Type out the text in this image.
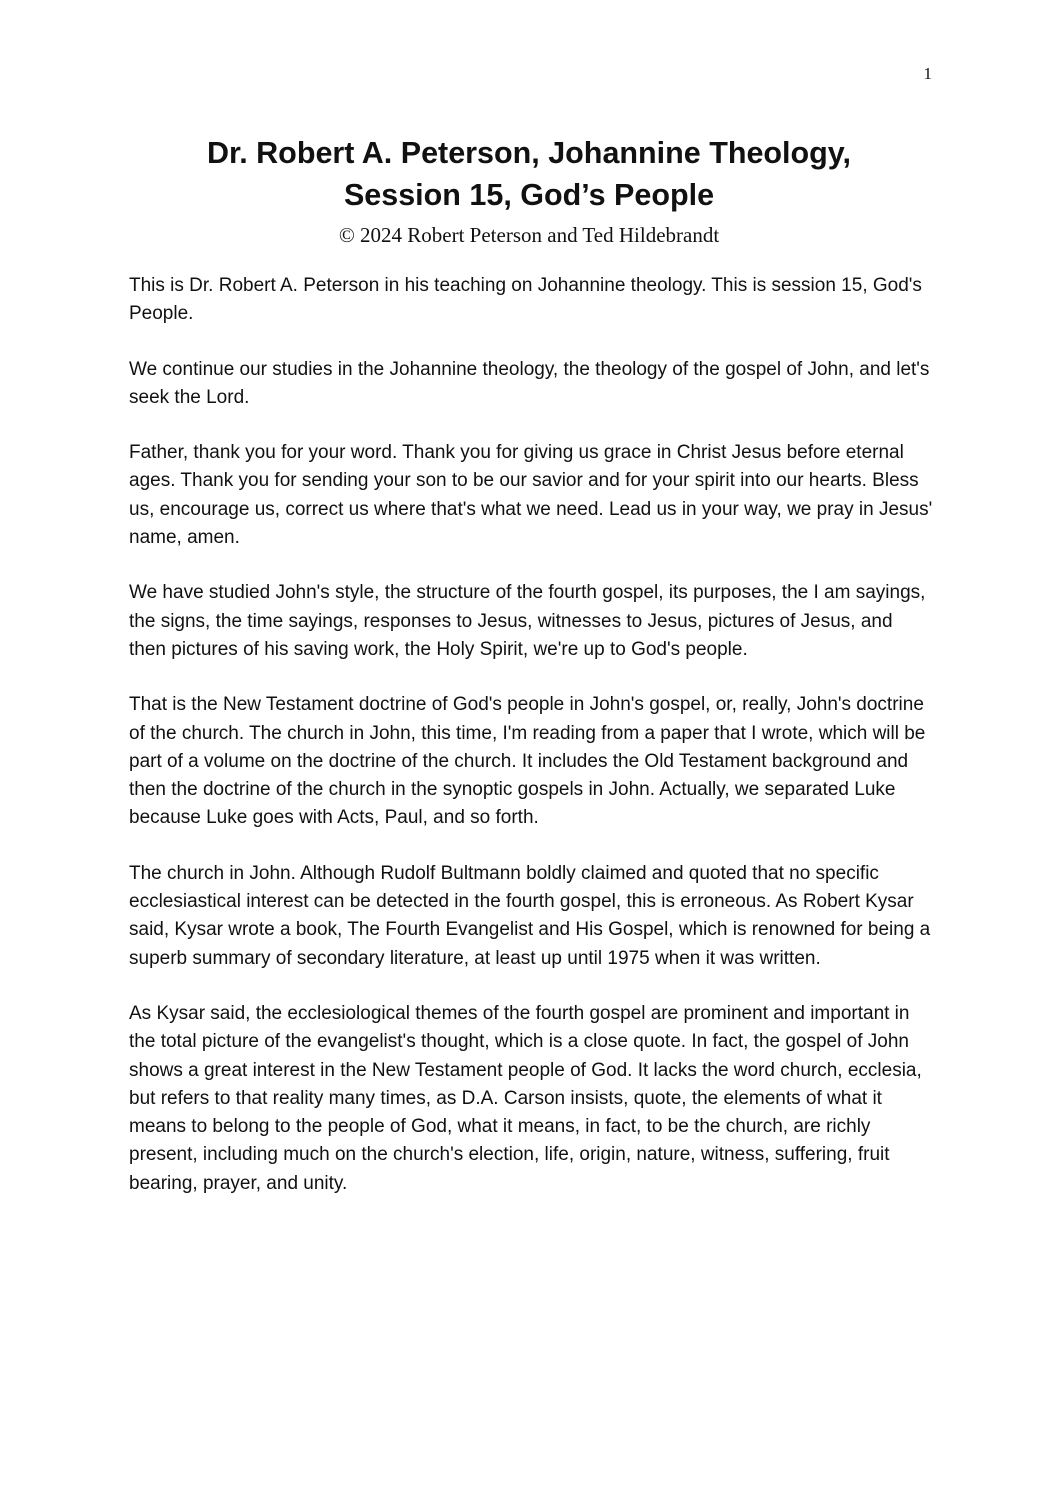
1
Dr. Robert A. Peterson, Johannine Theology,
Session 15, God’s People

© 2024 Robert Peterson and Ted Hildebrandt

This is Dr. Robert A. Peterson in his teaching on Johannine theology. This is session 15, God's People.

We continue our studies in the Johannine theology, the theology of the gospel of John, and let's seek the Lord.

Father, thank you for your word. Thank you for giving us grace in Christ Jesus before eternal ages. Thank you for sending your son to be our savior and for your spirit into our hearts. Bless us, encourage us, correct us where that's what we need. Lead us in your way, we pray in Jesus' name, amen.

We have studied John's style, the structure of the fourth gospel, its purposes, the I am sayings, the signs, the time sayings, responses to Jesus, witnesses to Jesus, pictures of Jesus, and then pictures of his saving work, the Holy Spirit, we're up to God's people.

That is the New Testament doctrine of God's people in John's gospel, or, really, John's doctrine of the church. The church in John, this time, I'm reading from a paper that I wrote, which will be part of a volume on the doctrine of the church. It includes the Old Testament background and then the doctrine of the church in the synoptic gospels in John. Actually, we separated Luke because Luke goes with Acts, Paul, and so forth.

The church in John. Although Rudolf Bultmann boldly claimed and quoted that no specific ecclesiastical interest can be detected in the fourth gospel, this is erroneous. As Robert Kysar said, Kysar wrote a book, The Fourth Evangelist and His Gospel, which is renowned for being a superb summary of secondary literature, at least up until 1975 when it was written.

As Kysar said, the ecclesiological themes of the fourth gospel are prominent and important in the total picture of the evangelist's thought, which is a close quote. In fact, the gospel of John shows a great interest in the New Testament people of God. It lacks the word church, ecclesia, but refers to that reality many times, as D.A. Carson insists, quote, the elements of what it means to belong to the people of God, what it means, in fact, to be the church, are richly present, including much on the church's election, life, origin, nature, witness, suffering, fruit bearing, prayer, and unity.
